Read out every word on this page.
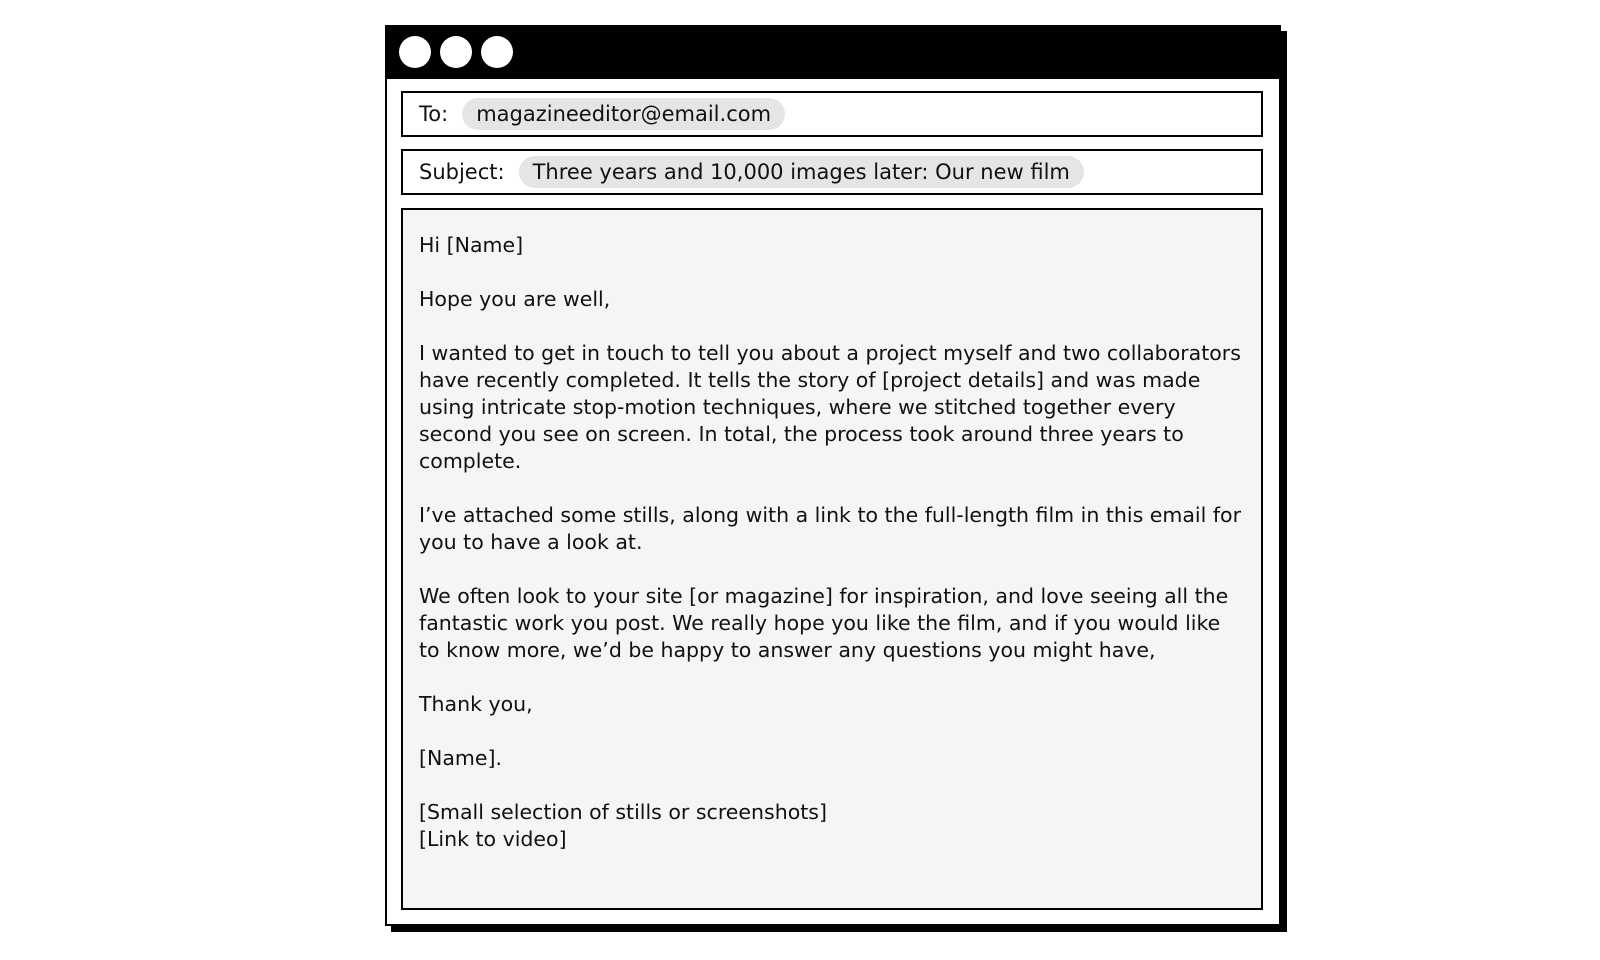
To:	magazineeditor@email.com
Subject:	Three years and 10,000 images later: Our new film

Hi [Name]

Hope you are well,

I wanted to get in touch to tell you about a project myself and two collaborators have recently completed. It tells the story of [project details] and was made using intricate stop-motion techniques, where we stitched together every second you see on screen. In total, the process took around three years to complete.

I’ve attached some stills, along with a link to the full-length film in this email for you to have a look at.

We often look to your site [or magazine] for inspiration, and love seeing all the fantastic work you post. We really hope you like the film, and if you would like to know more, we’d be happy to answer any questions you might have,

Thank you,

[Name].

[Small selection of stills or screenshots]

[Link to video]
